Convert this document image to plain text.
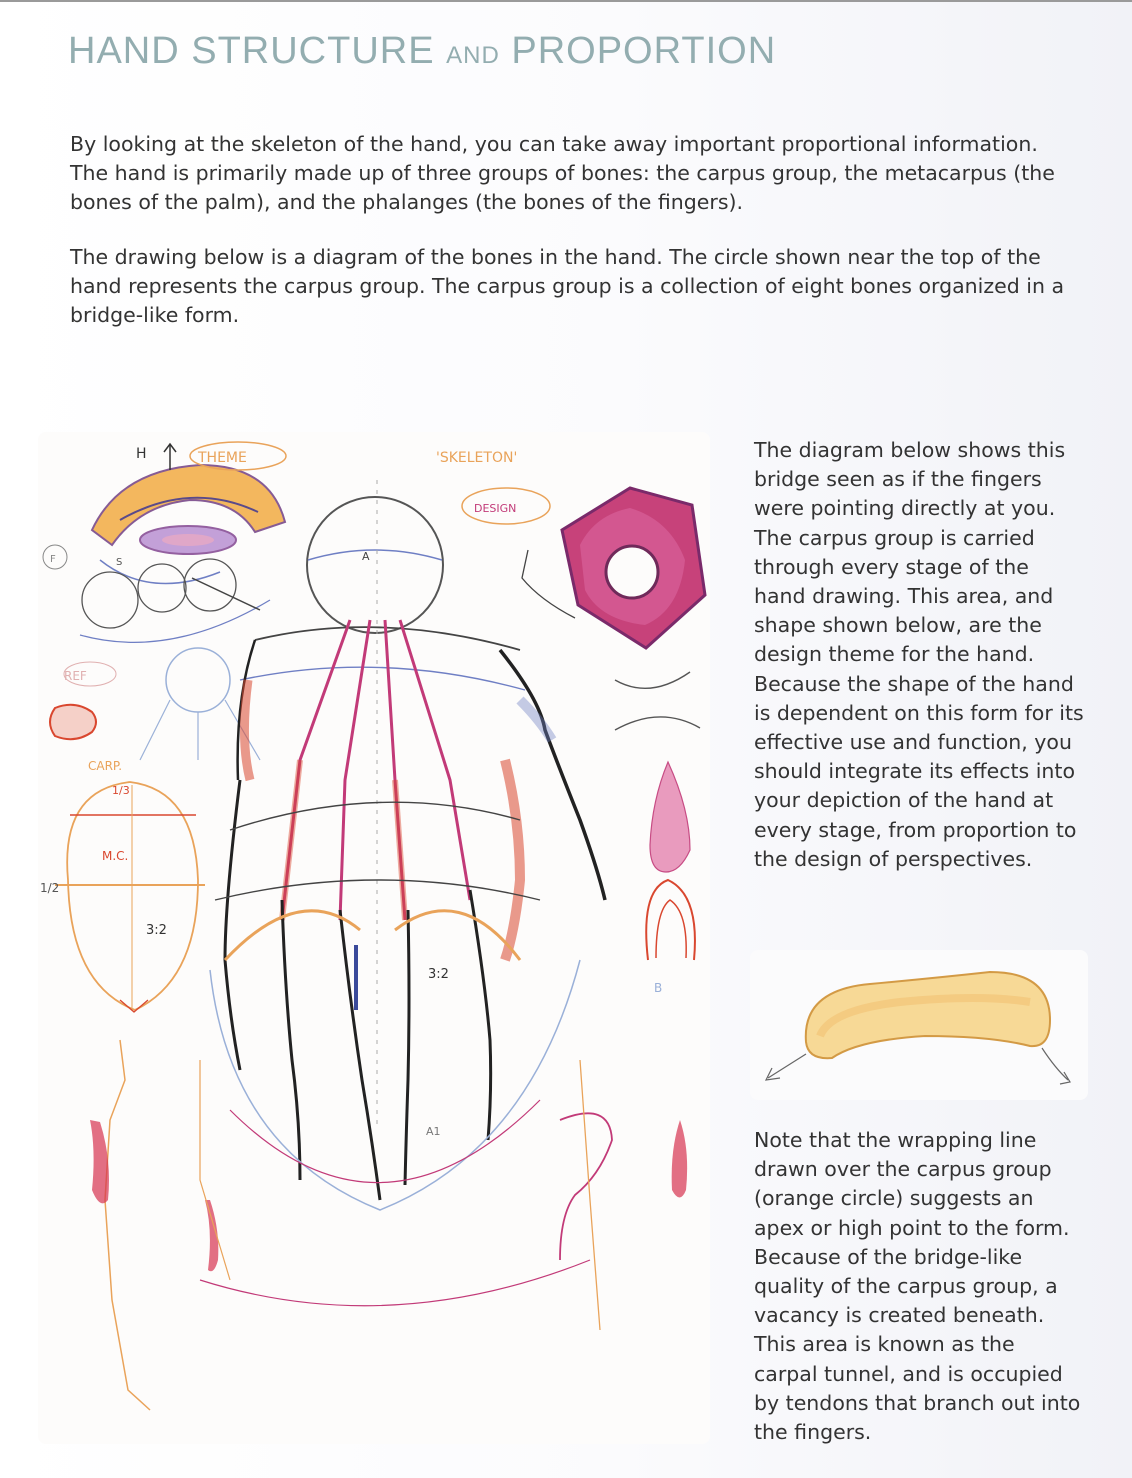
HAND STRUCTURE AND PROPORTION

By looking at the skeleton of the hand, you can take away important proportional information. The hand is primarily made up of three groups of bones: the carpus group, the metacarpus (the bones of the palm), and the phalanges (the bones of the fingers).

The drawing below is a diagram of the bones in the hand. The circle shown near the top of the hand represents the carpus group. The carpus group is a collection of eight bones organized in a bridge-like form.

H	THEME	'SKELETON'
DESIGN
F	S
REF
CARP.
1/3
M.C.
1/2
3:2
3:2
A
A1
B

The diagram below shows this bridge seen as if the fingers were pointing directly at you. The carpus group is carried through every stage of the hand drawing. This area, and shape shown below, are the design theme for the hand. Because the shape of the hand is dependent on this form for its effective use and function, you should integrate its effects into your depiction of the hand at every stage, from proportion to the design of perspectives.

Note that the wrapping line drawn over the carpus group (orange circle) suggests an apex or high point to the form. Because of the bridge-like quality of the carpus group, a vacancy is created beneath. This area is known as the carpal tunnel, and is occupied by tendons that branch out into the fingers.
